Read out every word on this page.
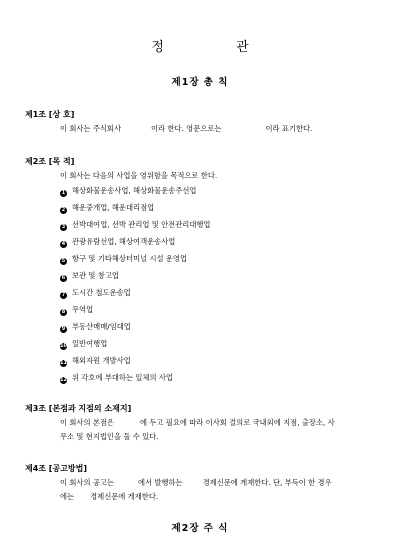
정 관
제1장 총 칙
제1조 [상 호]
이 회사는 주식회사	이라 한다. 영문으로는	이라 표기한다.
제2조 [목 적]
이 회사는 다음의 사업을 영위함을 목적으로 한다.
1 해상화물운송사업, 해상화물운송주선업
2 해운중개업, 해운대리점업
3 선박대여업, 선박 관리업 및 안전관리대행업
4 관광유람선업, 해상여객운송사업
5 항구 및 기타해상터미널 시설 운영업
6 보관 및 창고업
7 도시간 철도운송업
8 무역업
9 부동산매매/임대업
10 일반여행업
11 해외자원 개발사업
12 위 각호에 부대하는 일체의 사업
제3조 [본점과 지점의 소재지]
이 회사의 본점은	에 두고 필요에 따라 이사회 결의로 국내외에 지점, 출장소, 사
무소 및 현지법인을 둘 수 있다.
제4조 [공고방법]
이 회사의 공고는	에서 발행하는	경제신문에 게재한다. 단, 부득이 한 경우
에는 경제신문에 게재한다.
제2장 주 식
